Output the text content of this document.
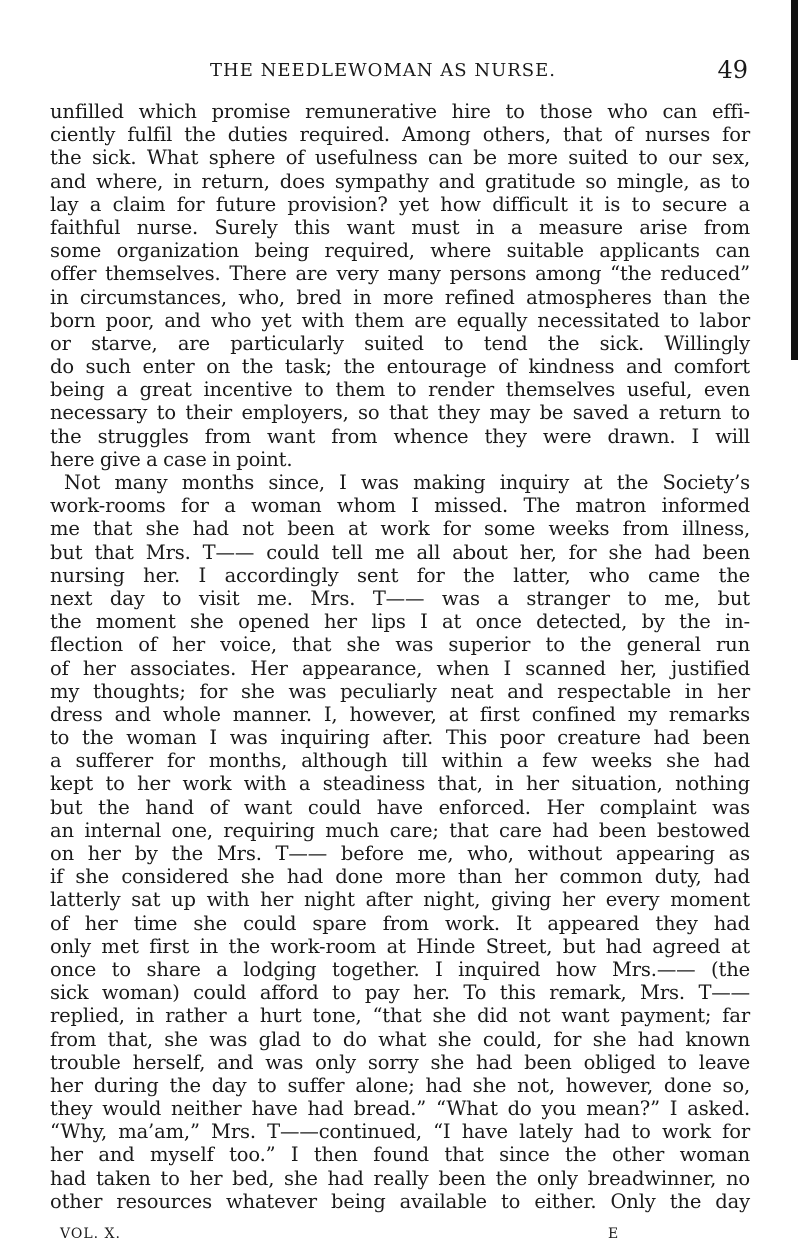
THE NEEDLEWOMAN AS NURSE.	49
unfilled which promise remunerative hire to those who can effi-
ciently fulfil the duties required. Among others, that of nurses for
the sick. What sphere of usefulness can be more suited to our sex,
and where, in return, does sympathy and gratitude so mingle, as to
lay a claim for future provision? yet how difficult it is to secure a
faithful nurse. Surely this want must in a measure arise from
some organization being required, where suitable applicants can
offer themselves. There are very many persons among “the reduced”
in circumstances, who, bred in more refined atmospheres than the
born poor, and who yet with them are equally necessitated to labor
or starve, are particularly suited to tend the sick. Willingly
do such enter on the task; the entourage of kindness and comfort
being a great incentive to them to render themselves useful, even
necessary to their employers, so that they may be saved a return to
the struggles from want from whence they were drawn. I will
here give a case in point.
Not many months since, I was making inquiry at the Society’s
work-rooms for a woman whom I missed. The matron informed
me that she had not been at work for some weeks from illness,
but that Mrs. T—— could tell me all about her, for she had been
nursing her. I accordingly sent for the latter, who came the
next day to visit me. Mrs. T—— was a stranger to me, but
the moment she opened her lips I at once detected, by the in-
flection of her voice, that she was superior to the general run
of her associates. Her appearance, when I scanned her, justified
my thoughts; for she was peculiarly neat and respectable in her
dress and whole manner. I, however, at first confined my remarks
to the woman I was inquiring after. This poor creature had been
a sufferer for months, although till within a few weeks she had
kept to her work with a steadiness that, in her situation, nothing
but the hand of want could have enforced. Her complaint was
an internal one, requiring much care; that care had been bestowed
on her by the Mrs. T—— before me, who, without appearing as
if she considered she had done more than her common duty, had
latterly sat up with her night after night, giving her every moment
of her time she could spare from work. It appeared they had
only met first in the work-room at Hinde Street, but had agreed at
once to share a lodging together. I inquired how Mrs.—— (the
sick woman) could afford to pay her. To this remark, Mrs. T——
replied, in rather a hurt tone, “that she did not want payment; far
from that, she was glad to do what she could, for she had known
trouble herself, and was only sorry she had been obliged to leave
her during the day to suffer alone; had she not, however, done so,
they would neither have had bread.” “What do you mean?” I asked.
“Why, ma’am,” Mrs. T——continued, “I have lately had to work for
her and myself too.” I then found that since the other woman
had taken to her bed, she had really been the only breadwinner, no
other resources whatever being available to either. Only the day
VOL. X.	E
